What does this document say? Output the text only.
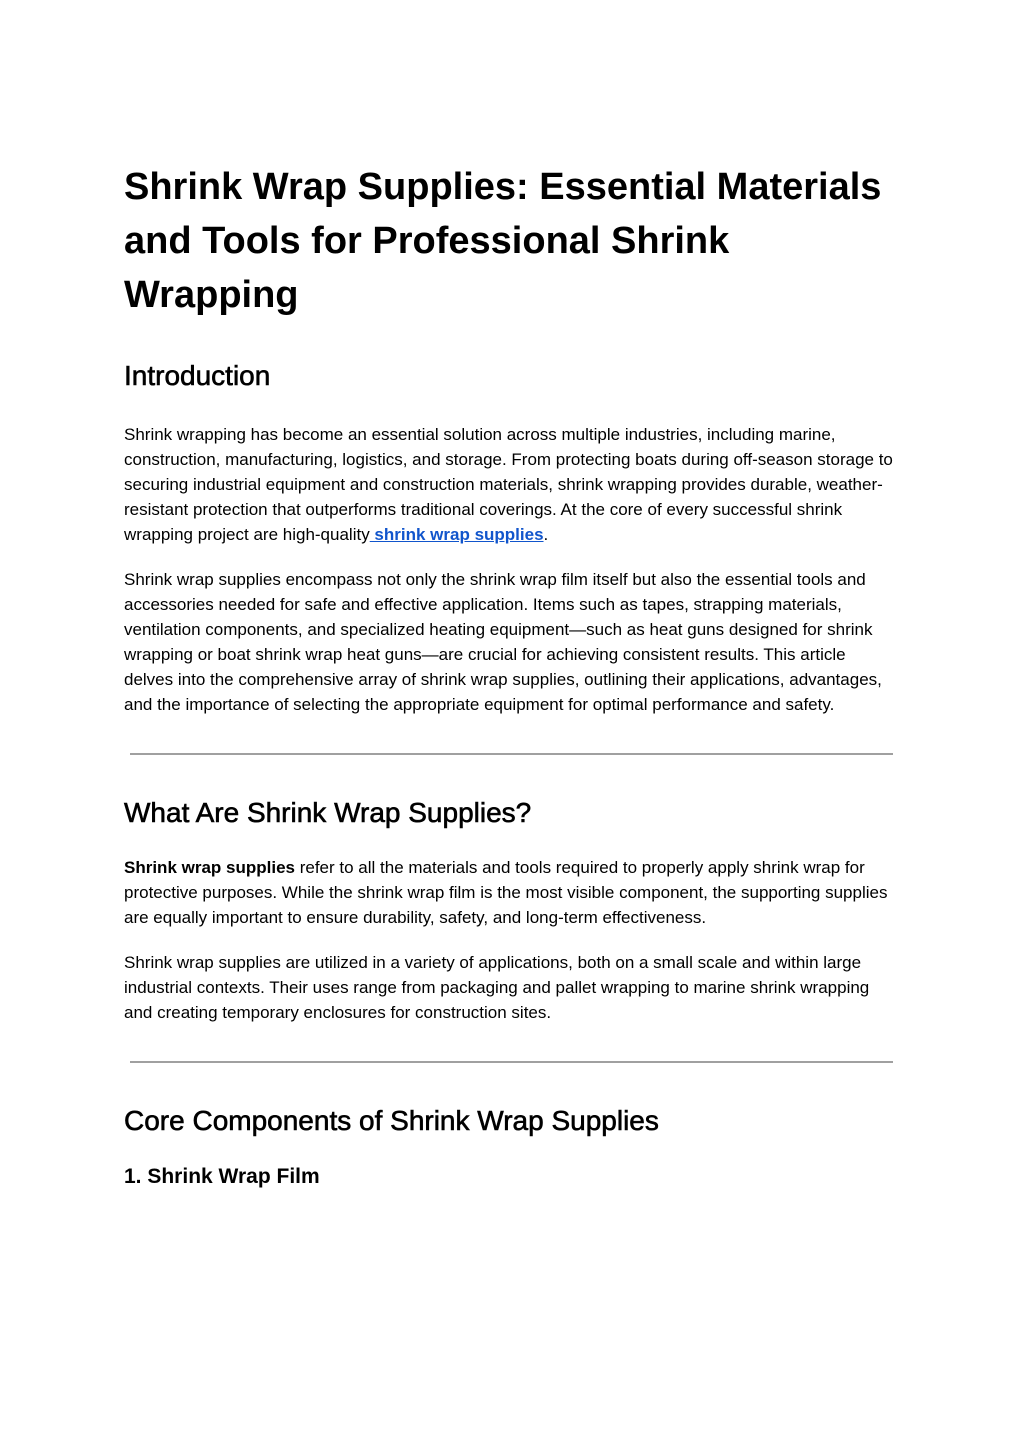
Shrink Wrap Supplies: Essential Materials and Tools for Professional Shrink Wrapping
Introduction

Shrink wrapping has become an essential solution across multiple industries, including marine, construction, manufacturing, logistics, and storage. From protecting boats during off-season storage to securing industrial equipment and construction materials, shrink wrapping provides durable, weather-resistant protection that outperforms traditional coverings. At the core of every successful shrink wrapping project are high-quality shrink wrap supplies.

Shrink wrap supplies encompass not only the shrink wrap film itself but also the essential tools and accessories needed for safe and effective application. Items such as tapes, strapping materials, ventilation components, and specialized heating equipment—such as heat guns designed for shrink wrapping or boat shrink wrap heat guns—are crucial for achieving consistent results. This article delves into the comprehensive array of shrink wrap supplies, outlining their applications, advantages, and the importance of selecting the appropriate equipment for optimal performance and safety.

What Are Shrink Wrap Supplies?

Shrink wrap supplies refer to all the materials and tools required to properly apply shrink wrap for protective purposes. While the shrink wrap film is the most visible component, the supporting supplies are equally important to ensure durability, safety, and long-term effectiveness.

Shrink wrap supplies are utilized in a variety of applications, both on a small scale and within large industrial contexts. Their uses range from packaging and pallet wrapping to marine shrink wrapping and creating temporary enclosures for construction sites.

Core Components of Shrink Wrap Supplies
1. Shrink Wrap Film
